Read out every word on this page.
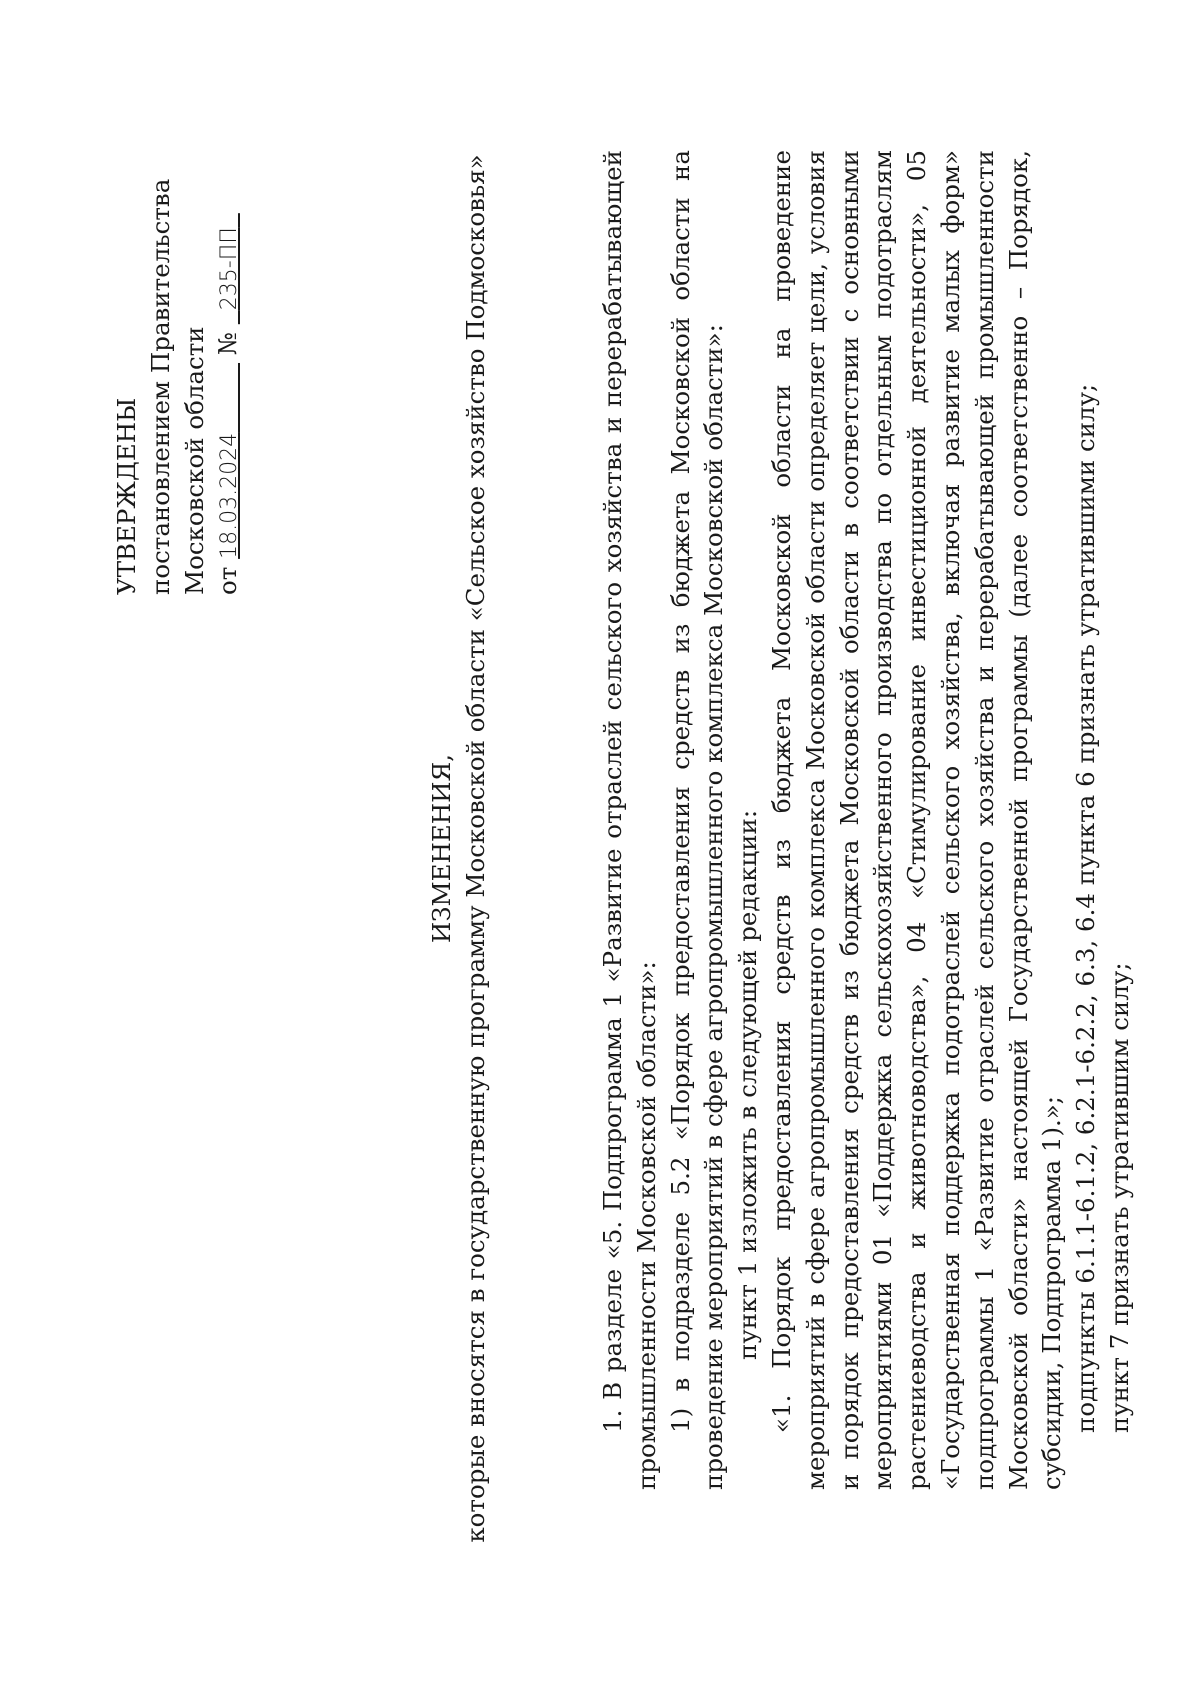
УТВЕРЖДЕНЫ постановлением Правительства Московской области от 18.03.2024           №   235-ПП
ИЗМЕНЕНИЯ, которые вносятся в государственную программу Московской области «Сельское хозяйство Подмосковья»	1. В разделе «5. Подпрограмма 1 «Развитие отраслей сельского хозяйства и перерабатывающей промышленности Московской области»: 1) в подразделе 5.2 «Порядок предоставления средств из бюджета Московской области на проведение мероприятий в сфере агропромышленного комплекса Московской области»: пункт 1 изложить в следующей редакции: «1. Порядок предоставления средств из бюджета Московской области на проведение мероприятий в сфере агропромышленного комплекса Московской области определяет цели, условия и порядок предоставления средств из бюджета Московской области в соответствии с основными мероприятиями 01 «Поддержка сельскохозяйственного производства по отдельным подотраслям растениеводства и животноводства», 04 «Стимулирование инвестиционной деятельности», 05 «Государственная поддержка подотраслей сельского хозяйства, включая развитие малых форм» подпрограммы 1 «Развитие отраслей сельского хозяйства и перерабатывающей промышленности Московской области» настоящей Государственной программы (далее соответственно – Порядок, субсидии, Подпрограмма 1).»; подпункты 6.1.1-6.1.2, 6.2.1-6.2.2, 6.3, 6.4 пункта 6 признать утратившими силу; пункт 7 признать утратившим силу;
